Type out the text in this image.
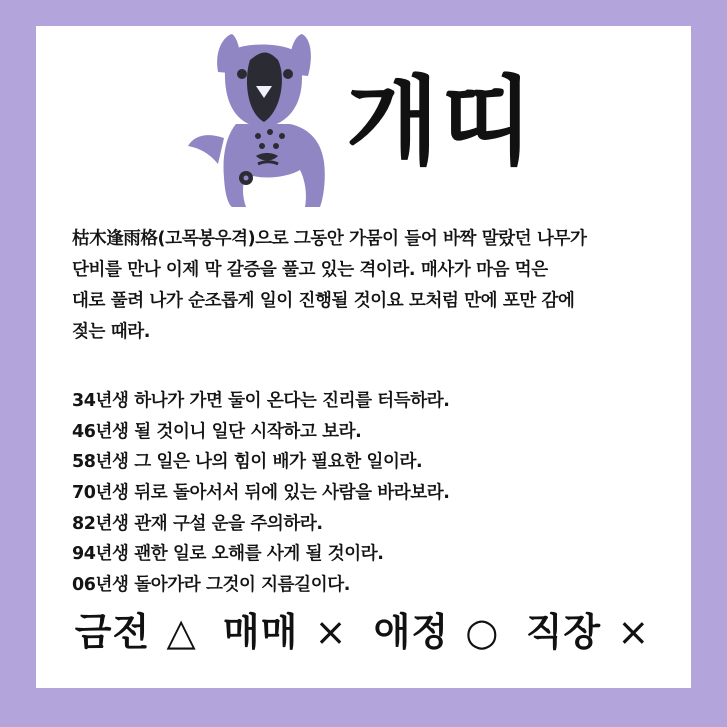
개띠

枯木逢雨格(고목봉우격)으로 그동안 가뭄이 들어 바짝 말랐던 나무가

단비를 만나 이제 막 갈증을 풀고 있는 격이라. 매사가 마음 먹은

대로 풀려 나가 순조롭게 일이 진행될 것이요 모처럼 만에 포만 감에

젖는 때라.

34년생 하나가 가면 둘이 온다는 진리를 터득하라.

46년생 될 것이니 일단 시작하고 보라.

58년생 그 일은 나의 힘이 배가 필요한 일이라.

70년생 뒤로 돌아서서 뒤에 있는 사람을 바라보라.

82년생 관재 구설 운을 주의하라.

94년생 괜한 일로 오해를 사게 될 것이라.

06년생 돌아가라 그것이 지름길이다.

금전 △ 매매 × 애정 ○ 직장 ×
